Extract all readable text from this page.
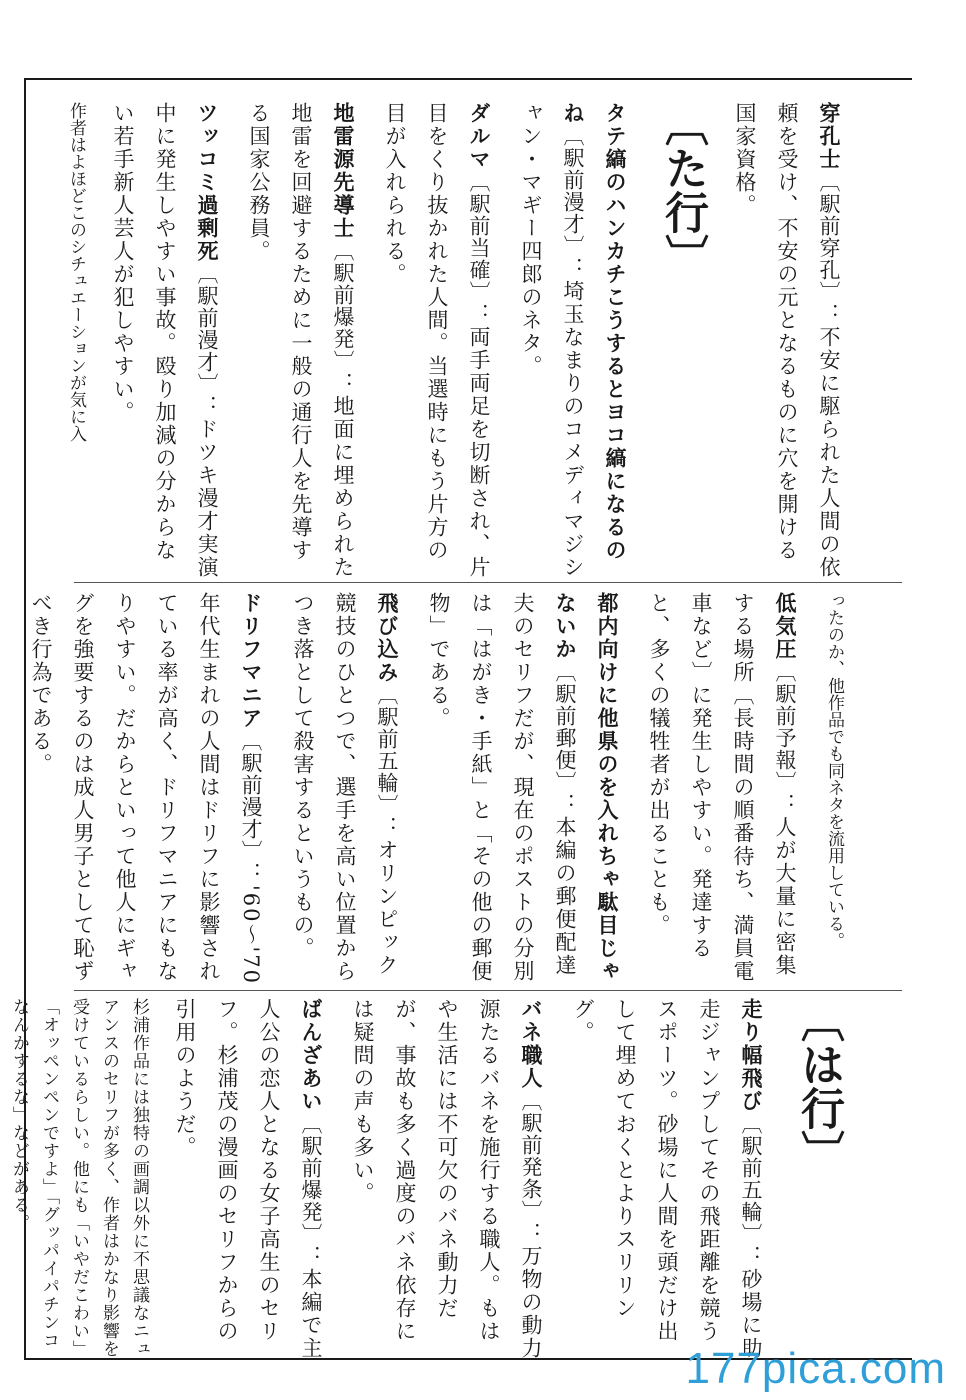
穿孔士〔駅前穿孔〕：不安に駆られた人間の依頼を受け、不安の元となるものに穴を開ける国家資格。
〔た行〕
タテ縞のハンカチこうするとヨコ縞になるのね〔駅前漫才〕：埼玉なまりのコメディマジシャン・マギー四郎のネタ。
ダルマ〔駅前当確〕：両手両足を切断され、片目をくり抜かれた人間。当選時にもう片方の目が入れられる。
地雷源先導士〔駅前爆発〕：地面に埋められた地雷を回避するために一般の通行人を先導する国家公務員。
ツッコミ過剰死〔駅前漫才〕：ドツキ漫才実演中に発生しやすい事故。殴り加減の分からない若手新人芸人が犯しやすい。
作者はよほどこのシチュエーションが気に入
ったのか、他作品でも同ネタを流用している。
低気圧〔駅前予報〕：人が大量に密集する場所〔長時間の順番待ち、満員電車など〕に発生しやすい。発達すると、多くの犠牲者が出ることも。
都内向けに他県のを入れちゃ駄目じゃないか〔駅前郵便〕：本編の郵便配達夫のセリフだが、現在のポストの分別は「はがき・手紙」と「その他の郵便物」である。
飛び込み〔駅前五輪〕：オリンピック競技のひとつで、選手を高い位置からつき落として殺害するというもの。
ドリフマニア〔駅前漫才〕：'60〜'70年代生まれの人間はドリフに影響されている率が高く、ドリフマニアにもなりやすい。だからといって他人にギャグを強要するのは成人男子として恥ずべき行為である。
〔は行〕
走り幅飛び〔駅前五輪〕：砂場に助走ジャンプしてその飛距離を競うスポーツ。砂場に人間を頭だけ出して埋めておくとよりスリリング。
バネ職人〔駅前発条〕：万物の動力源たるバネを施行する職人。もはや生活には不可欠のバネ動力だが、事故も多く過度のバネ依存には疑問の声も多い。
ばんざあい〔駅前爆発〕：本編で主人公の恋人となる女子高生のセリフ。杉浦茂の漫画のセリフからの引用のようだ。
杉浦作品には独特の画調以外に不思議なニュアンスのセリフが多く、作者はかなり影響を受けているらしい。他にも「いやだこわい」「オッペンペンですよ」「グッパイパチンコなんかするな」などがある。
177pica.com
